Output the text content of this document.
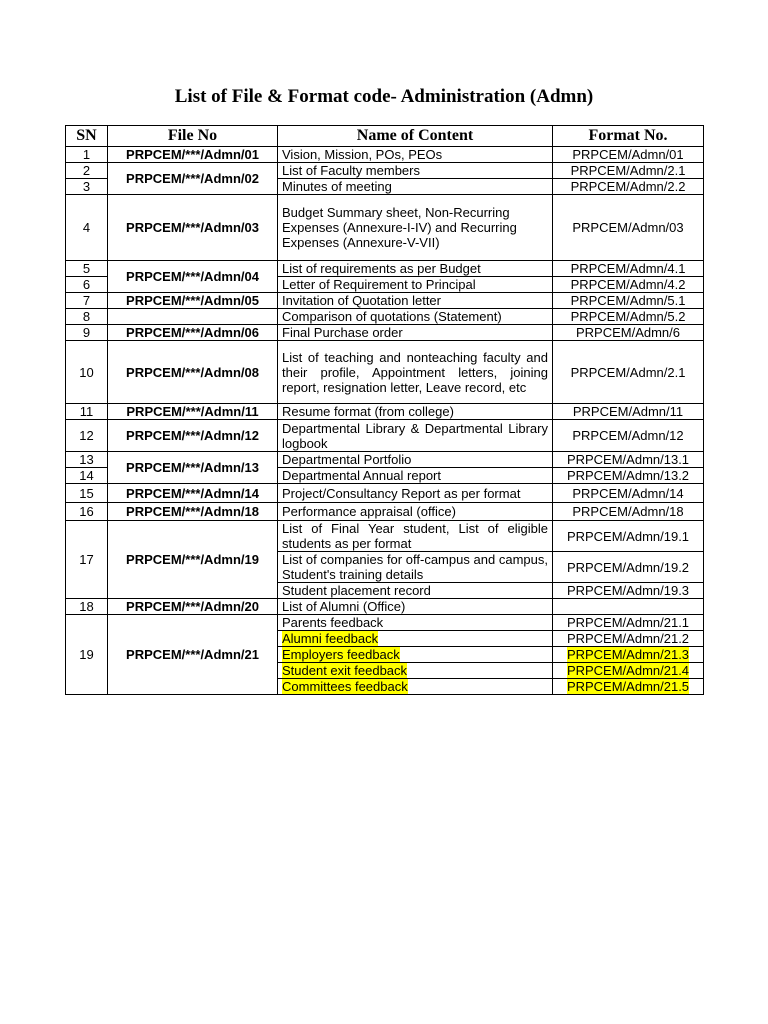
List of File & Format code- Administration (Admn)
SN	File No	Name of Content	Format No.
1	PRPCEM/***/Admn/01	Vision, Mission, POs, PEOs	PRPCEM/Admn/01
2	PRPCEM/***/Admn/02	List of Faculty members	PRPCEM/Admn/2.1
3		Minutes of meeting	PRPCEM/Admn/2.2
4	PRPCEM/***/Admn/03	Budget Summary sheet, Non-Recurring Expenses (Annexure-I-IV) and Recurring Expenses (Annexure-V-VII)	PRPCEM/Admn/03
5	PRPCEM/***/Admn/04	List of requirements as per Budget	PRPCEM/Admn/4.1
6		Letter of Requirement to Principal	PRPCEM/Admn/4.2
7	PRPCEM/***/Admn/05	Invitation of Quotation letter	PRPCEM/Admn/5.1
8		Comparison of quotations (Statement)	PRPCEM/Admn/5.2
9	PRPCEM/***/Admn/06	Final Purchase order	PRPCEM/Admn/6
10	PRPCEM/***/Admn/08	List of teaching and nonteaching faculty and their profile, Appointment letters, joining report, resignation letter, Leave record, etc	PRPCEM/Admn/2.1
11	PRPCEM/***/Admn/11	Resume format (from college)	PRPCEM/Admn/11
12	PRPCEM/***/Admn/12	Departmental Library & Departmental Library logbook	PRPCEM/Admn/12
13	PRPCEM/***/Admn/13	Departmental Portfolio	PRPCEM/Admn/13.1
14		Departmental Annual report	PRPCEM/Admn/13.2
15	PRPCEM/***/Admn/14	Project/Consultancy Report as per format	PRPCEM/Admn/14
16	PRPCEM/***/Admn/18	Performance appraisal (office)	PRPCEM/Admn/18
17	PRPCEM/***/Admn/19	List of Final Year student, List of eligible students as per format	PRPCEM/Admn/19.1
		List of companies for off-campus and campus, Student's training details	PRPCEM/Admn/19.2
		Student placement record	PRPCEM/Admn/19.3
18	PRPCEM/***/Admn/20	List of Alumni (Office)	
19	PRPCEM/***/Admn/21	Parents feedback	PRPCEM/Admn/21.1
		Alumni feedback	PRPCEM/Admn/21.2
		Employers feedback	PRPCEM/Admn/21.3
		Student exit feedback	PRPCEM/Admn/21.4
		Committees feedback	PRPCEM/Admn/21.5
